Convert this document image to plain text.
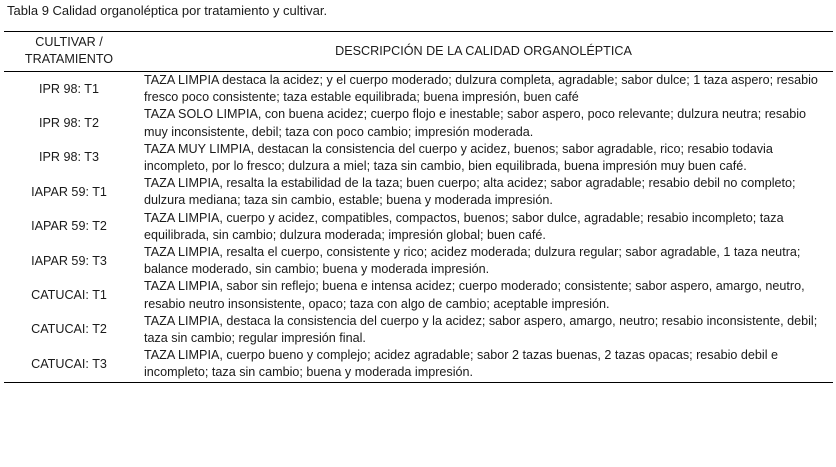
Tabla 9 Calidad organoléptica por tratamiento y cultivar.
CULTIVAR /
TRATAMIENTO	DESCRIPCIÓN DE LA CALIDAD ORGANOLÉPTICA
IPR 98: T1	TAZA LIMPIA destaca la acidez; y el cuerpo moderado; dulzura completa, agradable; sabor dulce; 1 taza aspero; resabio fresco poco consistente; taza estable equilibrada; buena impresión, buen café
IPR 98: T2	TAZA SOLO LIMPIA, con buena acidez; cuerpo flojo e inestable; sabor aspero, poco relevante; dulzura neutra; resabio muy inconsistente, debil; taza con poco cambio; impresión moderada.
IPR 98: T3	TAZA MUY LIMPIA, destacan la consistencia del cuerpo y acidez, buenos; sabor agradable, rico; resabio todavia incompleto, por lo fresco; dulzura a miel; taza sin cambio, bien equilibrada, buena impresión muy buen café.
IAPAR 59: T1	TAZA LIMPIA, resalta la estabilidad de la taza; buen cuerpo; alta acidez; sabor agradable; resabio debil no completo; dulzura mediana; taza sin cambio, estable; buena y moderada impresión.
IAPAR 59: T2	TAZA LIMPIA, cuerpo y acidez, compatibles, compactos, buenos; sabor dulce, agradable; resabio incompleto; taza equilibrada, sin cambio; dulzura moderada; impresión global; buen café.
IAPAR 59: T3	TAZA LIMPIA, resalta el cuerpo, consistente y rico; acidez moderada; dulzura regular; sabor agradable, 1 taza neutra; balance moderado, sin cambio; buena y moderada impresión.
CATUCAI: T1	TAZA LIMPIA, sabor sin reflejo; buena e intensa acidez; cuerpo moderado; consistente; sabor aspero, amargo, neutro, resabio neutro insonsistente, opaco; taza con algo de cambio; aceptable impresión.
CATUCAI: T2	TAZA LIMPIA, destaca la consistencia del cuerpo y la acidez; sabor aspero, amargo, neutro; resabio inconsistente, debil; taza sin cambio; regular impresión final.
CATUCAI: T3	TAZA LIMPIA, cuerpo bueno y complejo; acidez agradable; sabor 2 tazas buenas, 2 tazas opacas; resabio debil e incompleto; taza sin cambio; buena y moderada impresión.
